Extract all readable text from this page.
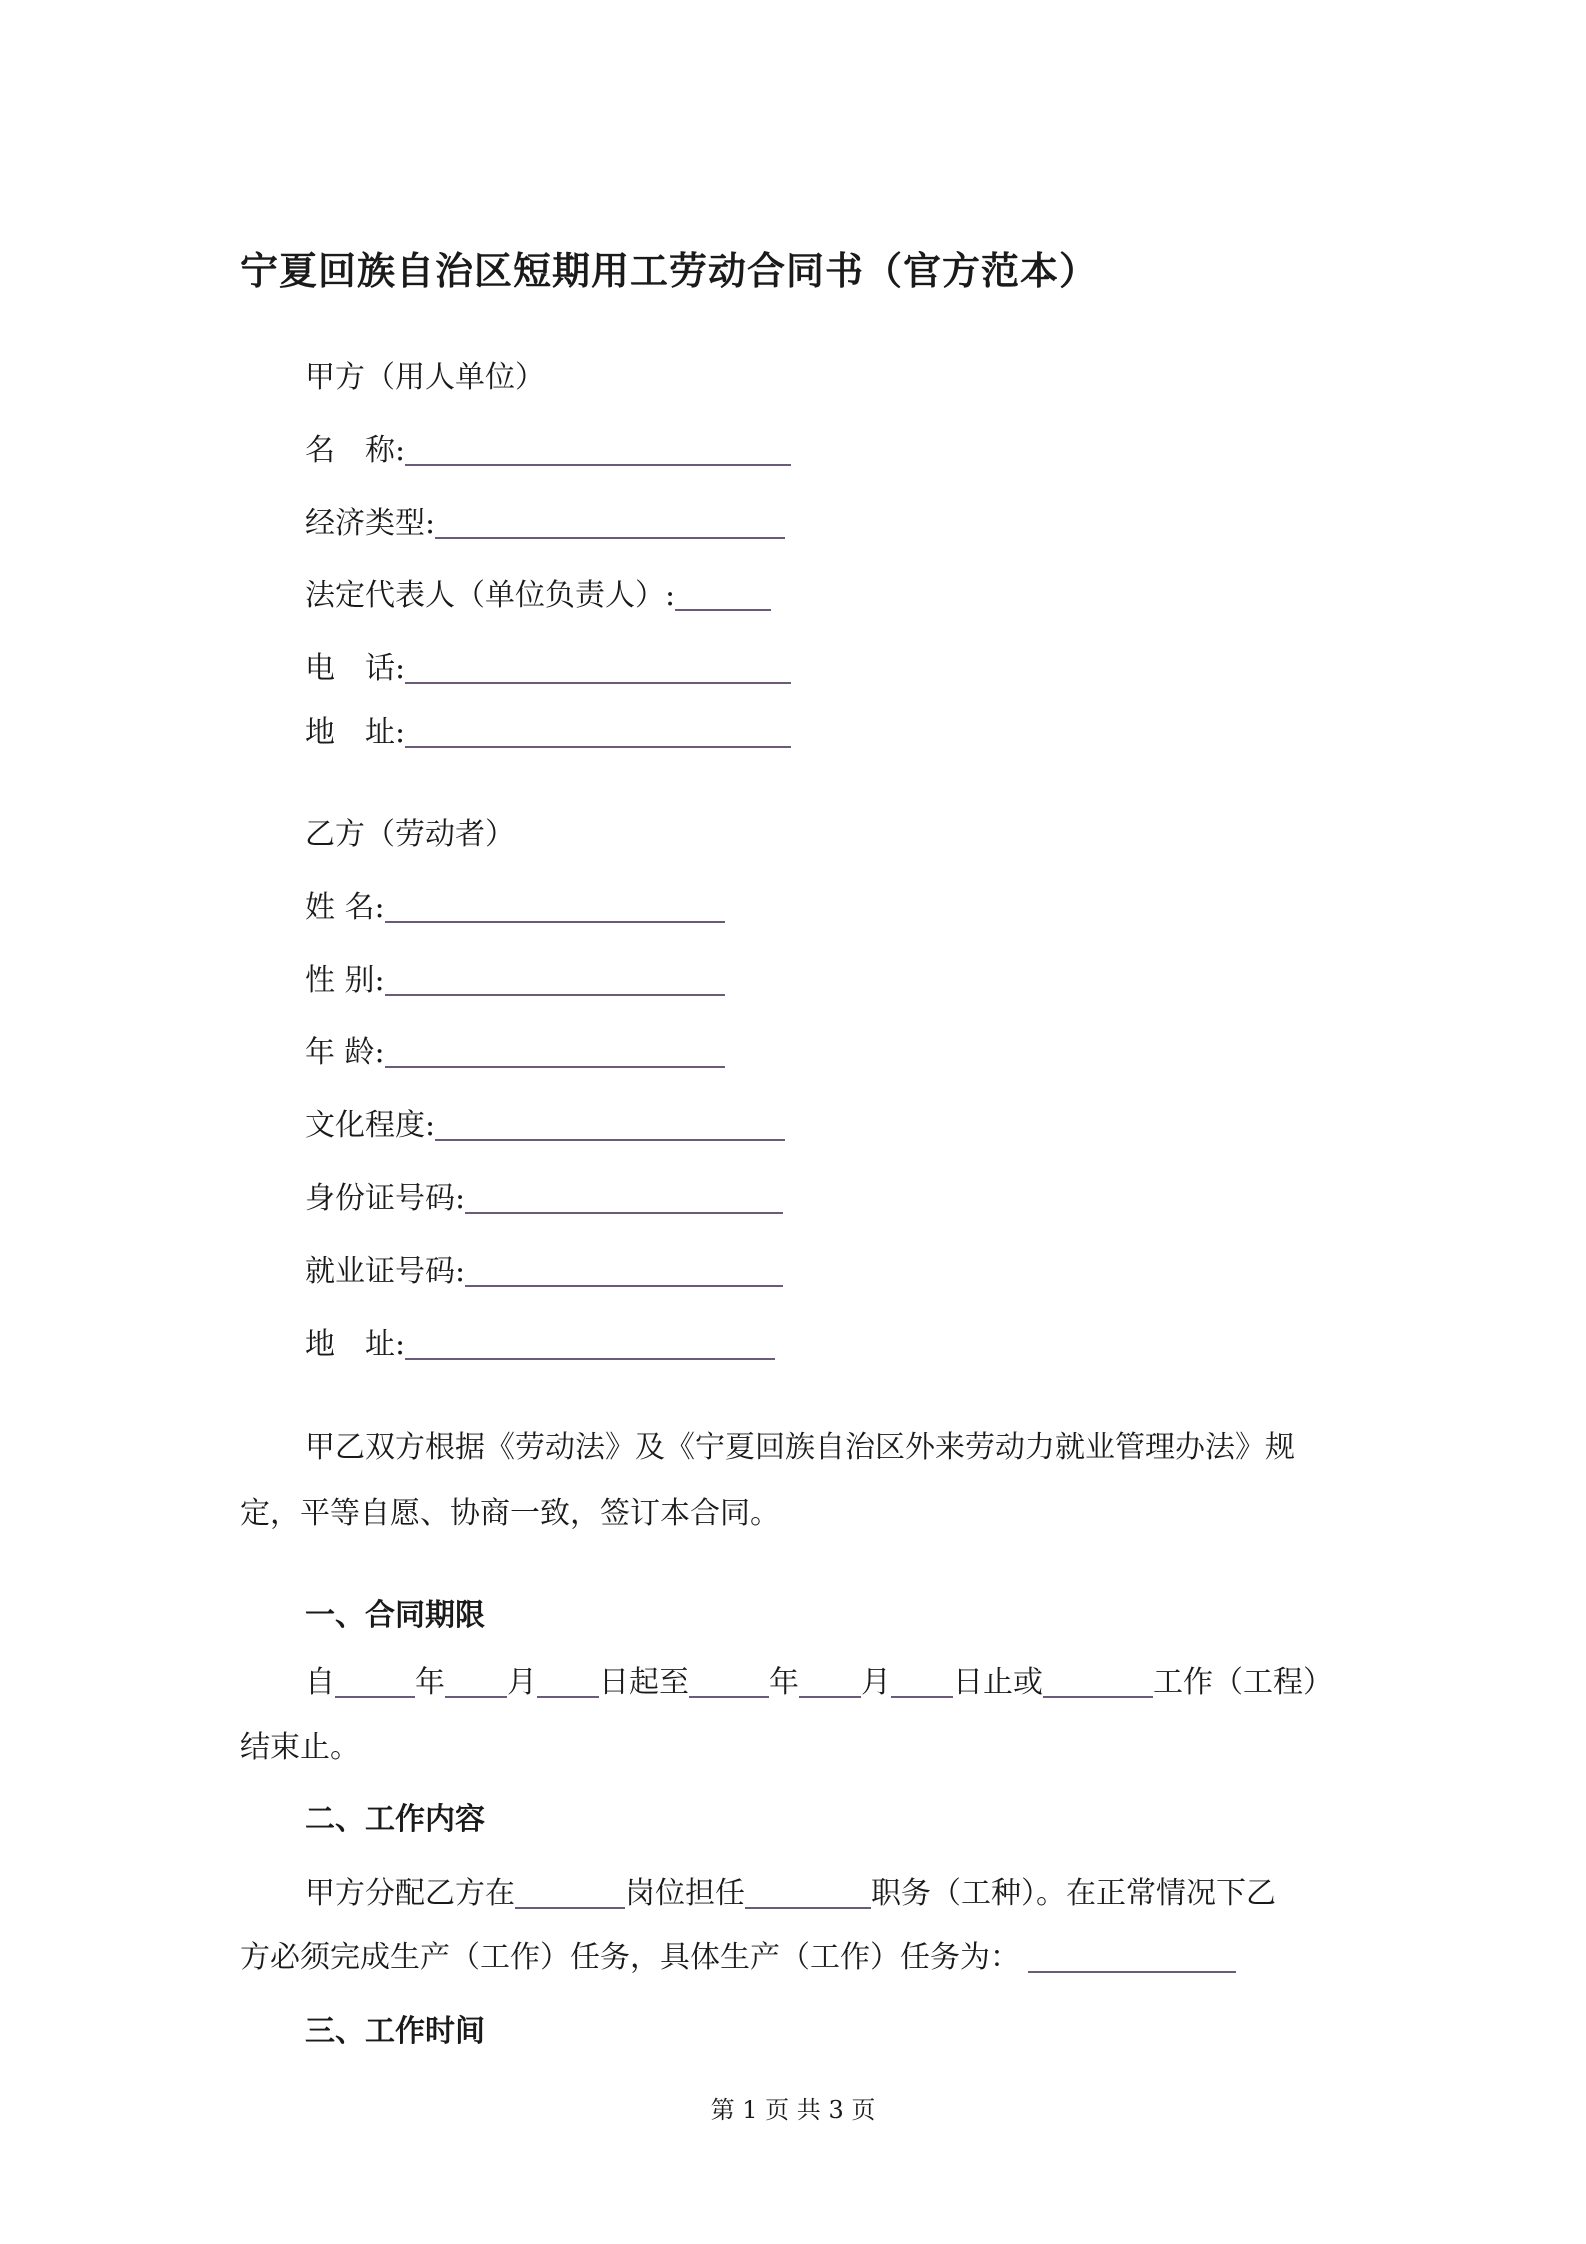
宁夏回族自治区短期用工劳动合同书（官方范本）
甲方（用人单位）
名　称:
经济类型:
法定代表人（单位负责人）:
电　话:
地　址:
乙方（劳动者）
姓 名:
性 别:
年 龄:
文化程度:
身份证号码:
就业证号码:
地　址:
甲乙双方根据《劳动法》及《宁夏回族自治区外来劳动力就业管理办法》规
定，平等自愿、协商一致，签订本合同。
一、合同期限
自	年 月 日起至	年 月 日止或	工作（工程）
结束止。
二、工作内容
甲方分配乙方在	岗位担任	职务（工种）。在正常情况下乙
方必须完成生产（工作）任务，具体生产（工作）任务为：
三、工作时间
第 1 页 共 3 页
